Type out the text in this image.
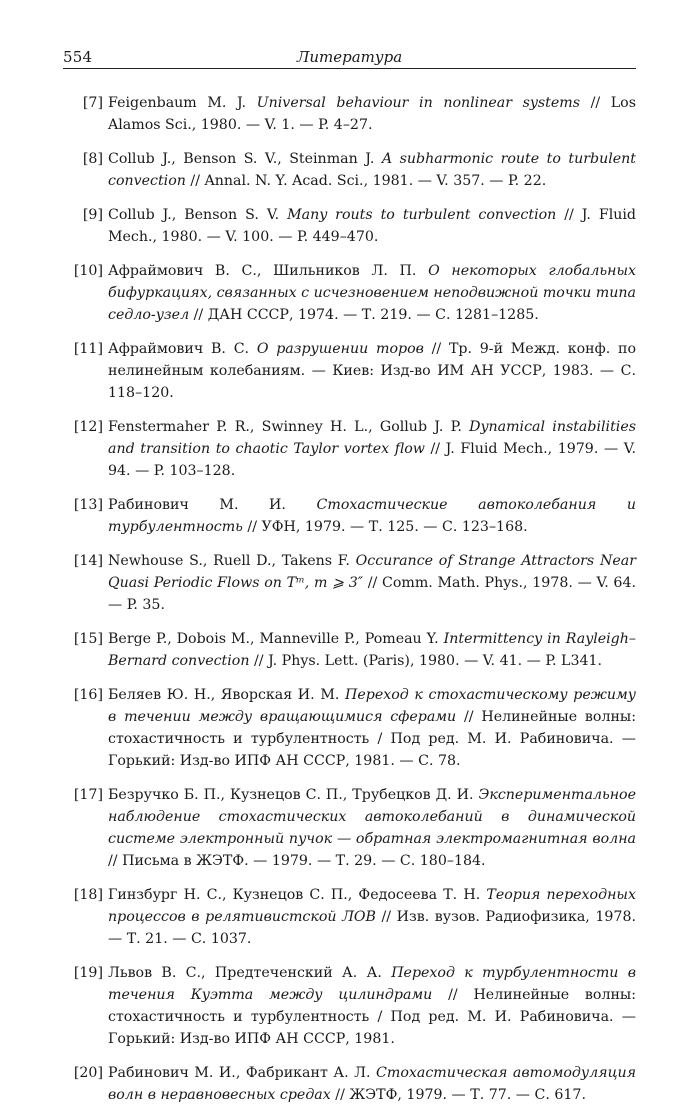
554	Литература
[7] Feigenbaum M. J. Universal behaviour in nonlinear systems // Los Alamos Sci., 1980. — V. 1. — P. 4–27.
[8] Collub J., Benson S. V., Steinman J. A subharmonic route to turbulent convection // Annal. N. Y. Acad. Sci., 1981. — V. 357. — P. 22.
[9] Collub J., Benson S. V. Many routs to turbulent convection // J. Fluid Mech., 1980. — V. 100. — P. 449–470.
[10] Афраймович В. С., Шильников Л. П. О некоторых глобальных бифуркациях, связанных с исчезновением неподвижной точки типа седло-узел // ДАН СССР, 1974. — Т. 219. — С. 1281–1285.
[11] Афраймович В. С. О разрушении торов // Тр. 9-й Межд. конф. по нелинейным колебаниям. — Киев: Изд-во ИМ АН УССР, 1983. — С. 118–120.
[12] Fenstermaher P. R., Swinney H. L., Gollub J. P. Dynamical instabilities and transition to chaotic Taylor vortex flow // J. Fluid Mech., 1979. — V. 94. — P. 103–128.
[13] Рабинович М. И. Стохастические автоколебания и турбулентность // УФН, 1979. — Т. 125. — С. 123–168.
[14] Newhouse S., Ruell D., Takens F. Occurance of Strange Attractors Near Quasi Periodic Flows on Tᵐ, m ⩾ 3″ // Comm. Math. Phys., 1978. — V. 64. — P. 35.
[15] Berge P., Dobois M., Manneville P., Pomeau Y. Intermittency in Rayleigh–Bernard convection // J. Phys. Lett. (Paris), 1980. — V. 41. — P. L341.
[16] Беляев Ю. Н., Яворская И. М. Переход к стохастическому режиму в течении между вращающимися сферами // Нелинейные волны: стохастичность и турбулентность / Под ред. М. И. Рабиновича. — Горький: Изд-во ИПФ АН СССР, 1981. — С. 78.
[17] Безручко Б. П., Кузнецов С. П., Трубецков Д. И. Экспериментальное наблюдение стохастических автоколебаний в динамической системе электронный пучок — обратная электромагнитная волна // Письма в ЖЭТФ. — 1979. — Т. 29. — С. 180–184.
[18] Гинзбург Н. С., Кузнецов С. П., Федосеева Т. Н. Теория переходных процессов в релятивистской ЛОВ // Изв. вузов. Радиофизика, 1978. — Т. 21. — С. 1037.
[19] Львов В. С., Предтеченский А. А. Переход к турбулентности в течения Куэтта между цилиндрами // Нелинейные волны: стохастичность и турбулентность / Под ред. М. И. Рабиновича. — Горький: Изд-во ИПФ АН СССР, 1981.
[20] Рабинович М. И., Фабрикант А. Л. Стохастическая автомодуляция волн в неравновесных средах // ЖЭТФ, 1979. — Т. 77. — С. 617.
